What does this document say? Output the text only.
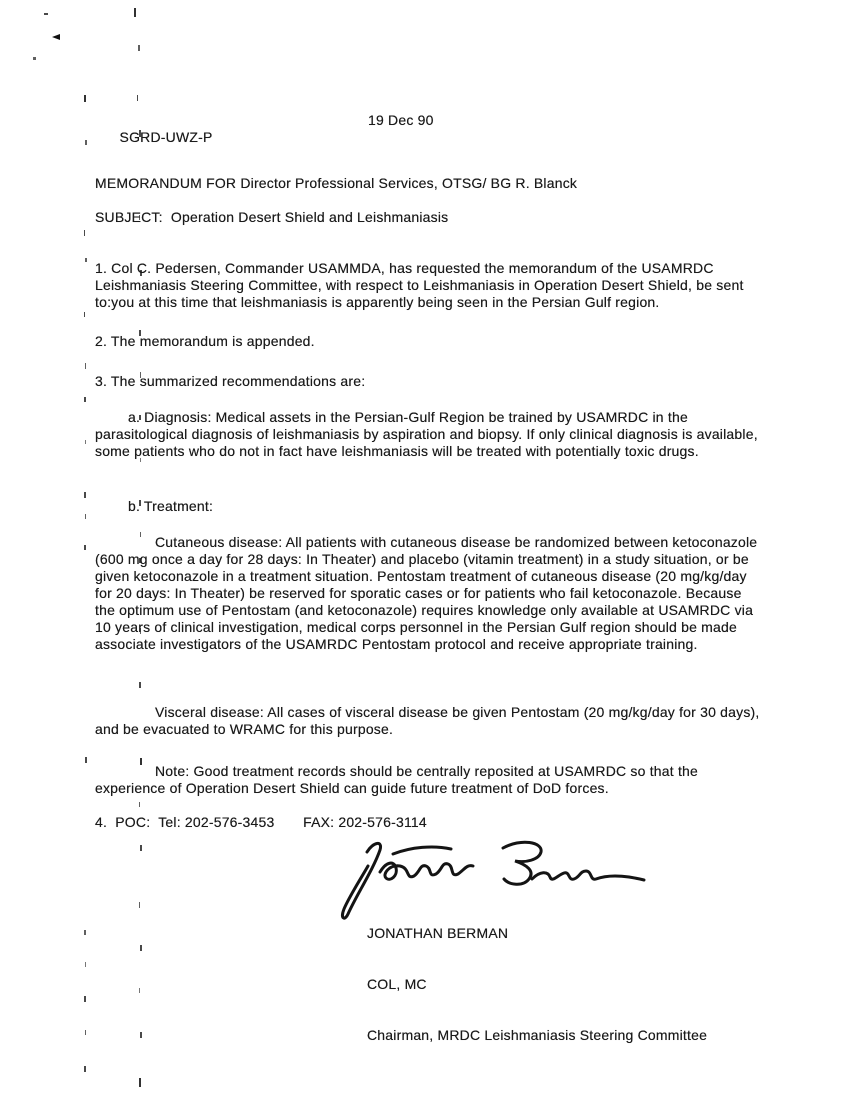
SGRD-UWZ-P

19 Dec 90

MEMORANDUM FOR Director Professional Services, OTSG/ BG R. Blanck
SUBJECT:  Operation Desert Shield and Leishmaniasis
1. Col C. Pedersen, Commander USAMMDA, has requested the memorandum of the USAMRDC Leishmaniasis Steering Committee, with respect to Leishmaniasis in Operation Desert Shield, be sent to:you at this time that leishmaniasis is apparently being seen in the Persian Gulf region.
2. The memorandum is appended.
3. The summarized recommendations are:
a. Diagnosis: Medical assets in the Persian-Gulf Region be trained by USAMRDC in the parasitological diagnosis of leishmaniasis by aspiration and biopsy. If only clinical diagnosis is available, some patients who do not in fact have leishmaniasis will be treated with potentially toxic drugs.
b. Treatment:
Cutaneous disease: All patients with cutaneous disease be randomized between ketoconazole (600 mg once a day for 28 days: In Theater) and placebo (vitamin treatment) in a study situation, or be given ketoconazole in a treatment situation. Pentostam treatment of cutaneous disease (20 mg/kg/day for 20 days: In Theater) be reserved for sporatic cases or for patients who fail ketoconazole. Because the optimum use of Pentostam (and ketoconazole) requires knowledge only available at USAMRDC via 10 years of clinical investigation, medical corps personnel in the Persian Gulf region should be made associate investigators of the USAMRDC Pentostam protocol and receive appropriate training.
Visceral disease: All cases of visceral disease be given Pentostam (20 mg/kg/day for 30 days), and be evacuated to WRAMC for this purpose.
Note: Good treatment records should be centrally reposited at USAMRDC so that the experience of Operation Desert Shield can guide future treatment of DoD forces.
4.  POC:  Tel: 202-576-3453       FAX: 202-576-3114

JONATHAN BERMAN

COL, MC

Chairman, MRDC Leishmaniasis Steering Committee
